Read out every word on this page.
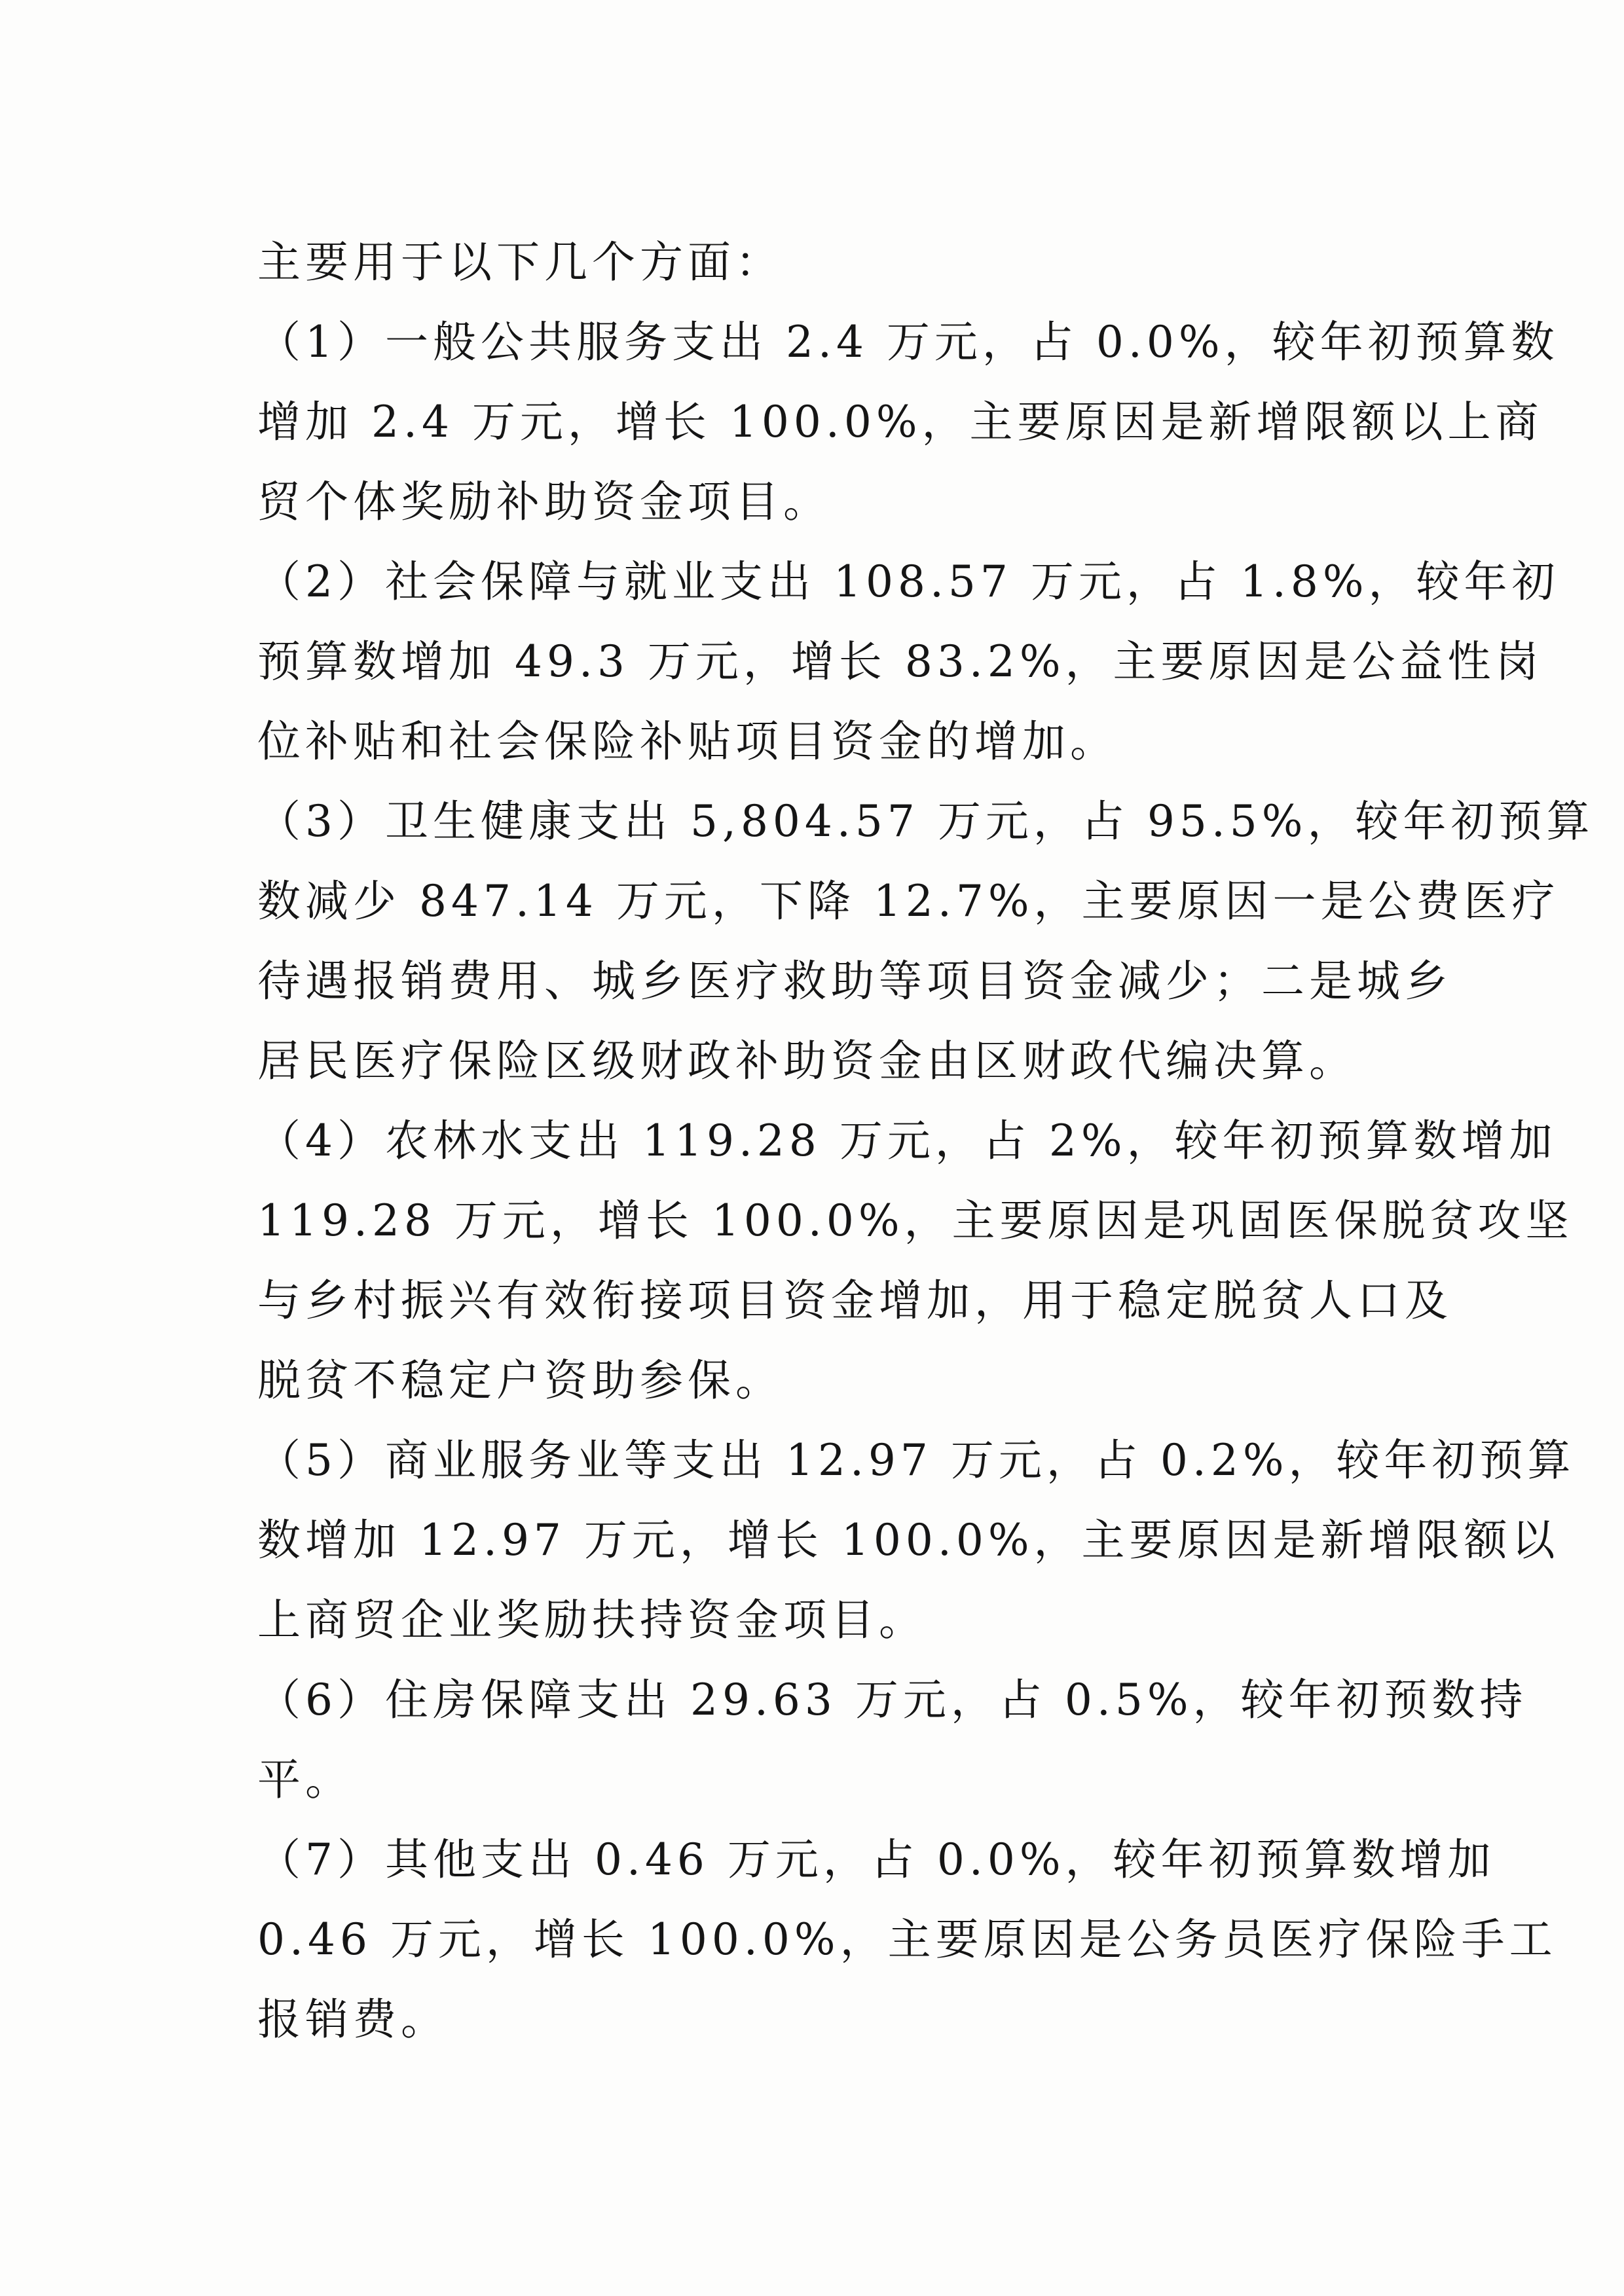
主要用于以下几个方面：
（1）一般公共服务支出 2.4 万元，占 0.0%，较年初预算数
增加 2.4 万元，增长 100.0%，主要原因是新增限额以上商
贸个体奖励补助资金项目。
（2）社会保障与就业支出 108.57 万元，占 1.8%，较年初
预算数增加 49.3 万元，增长 83.2%，主要原因是公益性岗
位补贴和社会保险补贴项目资金的增加。
（3）卫生健康支出 5,804.57 万元，占 95.5%，较年初预算
数减少 847.14 万元，下降 12.7%，主要原因一是公费医疗
待遇报销费用、城乡医疗救助等项目资金减少；二是城乡
居民医疗保险区级财政补助资金由区财政代编决算。
（4）农林水支出 119.28 万元，占 2%，较年初预算数增加
119.28 万元，增长 100.0%，主要原因是巩固医保脱贫攻坚
与乡村振兴有效衔接项目资金增加，用于稳定脱贫人口及
脱贫不稳定户资助参保。
（5）商业服务业等支出 12.97 万元，占 0.2%，较年初预算
数增加 12.97 万元，增长 100.0%，主要原因是新增限额以
上商贸企业奖励扶持资金项目。
（6）住房保障支出 29.63 万元，占 0.5%，较年初预数持
平。
（7）其他支出 0.46 万元，占 0.0%，较年初预算数增加
0.46 万元，增长 100.0%，主要原因是公务员医疗保险手工
报销费。
